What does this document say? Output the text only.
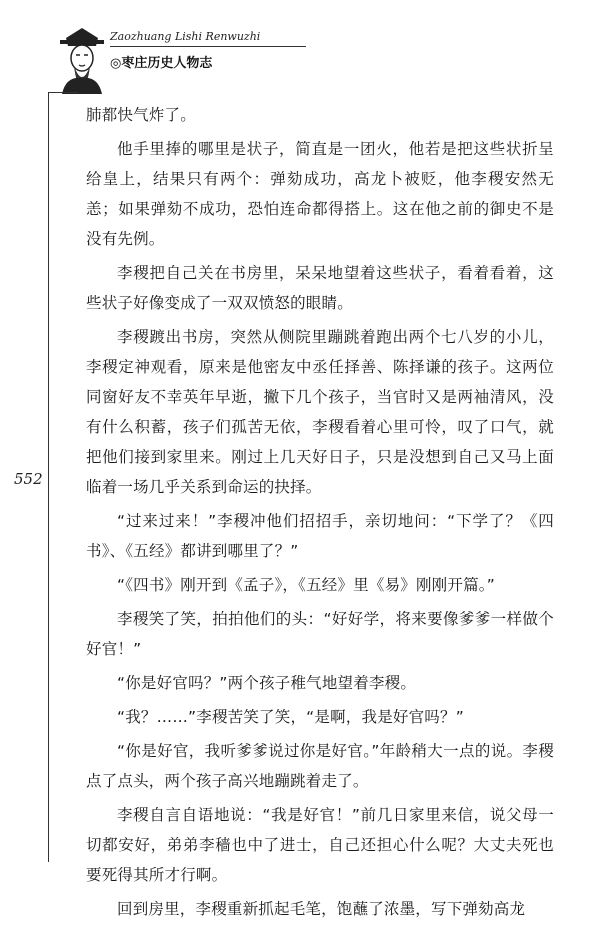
Zaozhuang Lishi Renwuzhi
◎枣庄历史人物志
552

肺都快气炸了。

他手里捧的哪里是状子，简直是一团火，他若是把这些状折呈给皇上，结果只有两个：弹劾成功，高龙卜被贬，他李稷安然无恙；如果弹劾不成功，恐怕连命都得搭上。这在他之前的御史不是没有先例。

李稷把自己关在书房里，呆呆地望着这些状子，看着看着，这些状子好像变成了一双双愤怒的眼睛。

李稷踱出书房，突然从侧院里蹦跳着跑出两个七八岁的小儿，李稷定神观看，原来是他密友中丞任择善、陈择谦的孩子。这两位同窗好友不幸英年早逝，撇下几个孩子，当官时又是两袖清风，没有什么积蓄，孩子们孤苦无依，李稷看着心里可怜，叹了口气，就把他们接到家里来。刚过上几天好日子，只是没想到自己又马上面临着一场几乎关系到命运的抉择。

“过来过来！”李稷冲他们招招手，亲切地问：“下学了？《四书》、《五经》都讲到哪里了？”

“《四书》刚开到《孟子》，《五经》里《易》刚刚开篇。”

李稷笑了笑，拍拍他们的头：“好好学，将来要像爹爹一样做个好官！”

“你是好官吗？”两个孩子稚气地望着李稷。

“我？……”李稷苦笑了笑，“是啊，我是好官吗？”

“你是好官，我听爹爹说过你是好官。”年龄稍大一点的说。李稷点了点头，两个孩子高兴地蹦跳着走了。

李稷自言自语地说：“我是好官！”前几日家里来信，说父母一切都安好，弟弟李穑也中了进士，自己还担心什么呢？大丈夫死也要死得其所才行啊。

回到房里，李稷重新抓起毛笔，饱蘸了浓墨，写下弹劾高龙
